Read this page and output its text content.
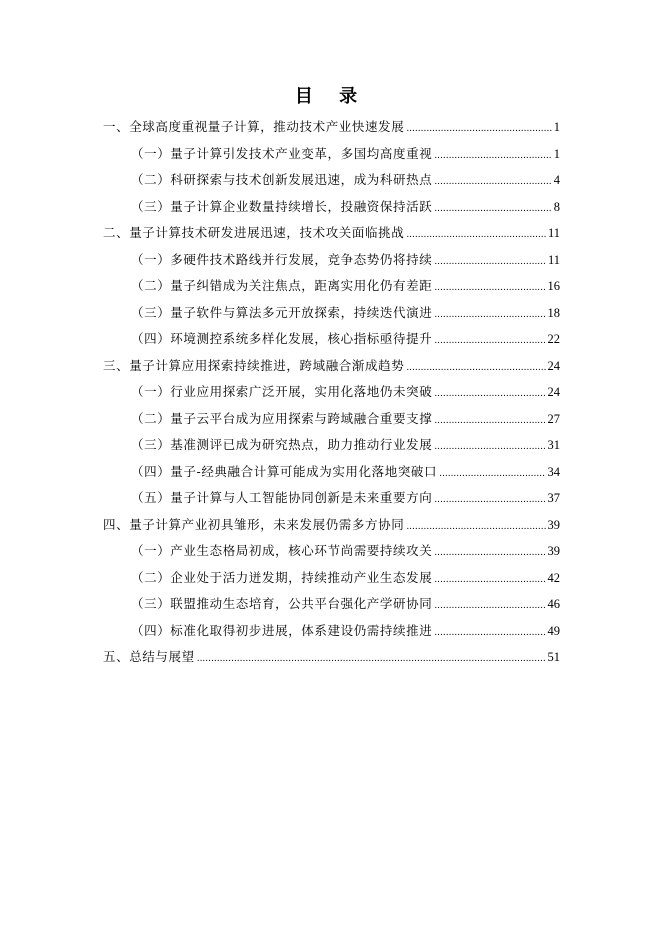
目 录
一、全球高度重视量子计算，推动技术产业快速发展 .....	1
（一）量子计算引发技术产业变革，多国均高度重视 .....	1
（二）科研探索与技术创新发展迅速，成为科研热点 .....	4
（三）量子计算企业数量持续增长，投融资保持活跃 .....	8
二、量子计算技术研发进展迅速，技术攻关面临挑战 .....	11
（一）多硬件技术路线并行发展，竞争态势仍将持续 .....	11
（二）量子纠错成为关注焦点，距离实用化仍有差距 .....	16
（三）量子软件与算法多元开放探索，持续迭代演进 .....	18
（四）环境测控系统多样化发展，核心指标亟待提升 .....	22
三、量子计算应用探索持续推进，跨域融合渐成趋势 .....	24
（一）行业应用探索广泛开展，实用化落地仍未突破 .....	24
（二）量子云平台成为应用探索与跨域融合重要支撑 .....	27
（三）基准测评已成为研究热点，助力推动行业发展 .....	31
（四）量子-经典融合计算可能成为实用化落地突破口 .....	34
（五）量子计算与人工智能协同创新是未来重要方向 .....	37
四、量子计算产业初具雏形，未来发展仍需多方协同 .....	39
（一）产业生态格局初成，核心环节尚需要持续攻关 .....	39
（二）企业处于活力迸发期，持续推动产业生态发展 .....	42
（三）联盟推动生态培育，公共平台强化产学研协同 .....	46
（四）标准化取得初步进展，体系建设仍需持续推进 .....	49
五、总结与展望 .....	51
